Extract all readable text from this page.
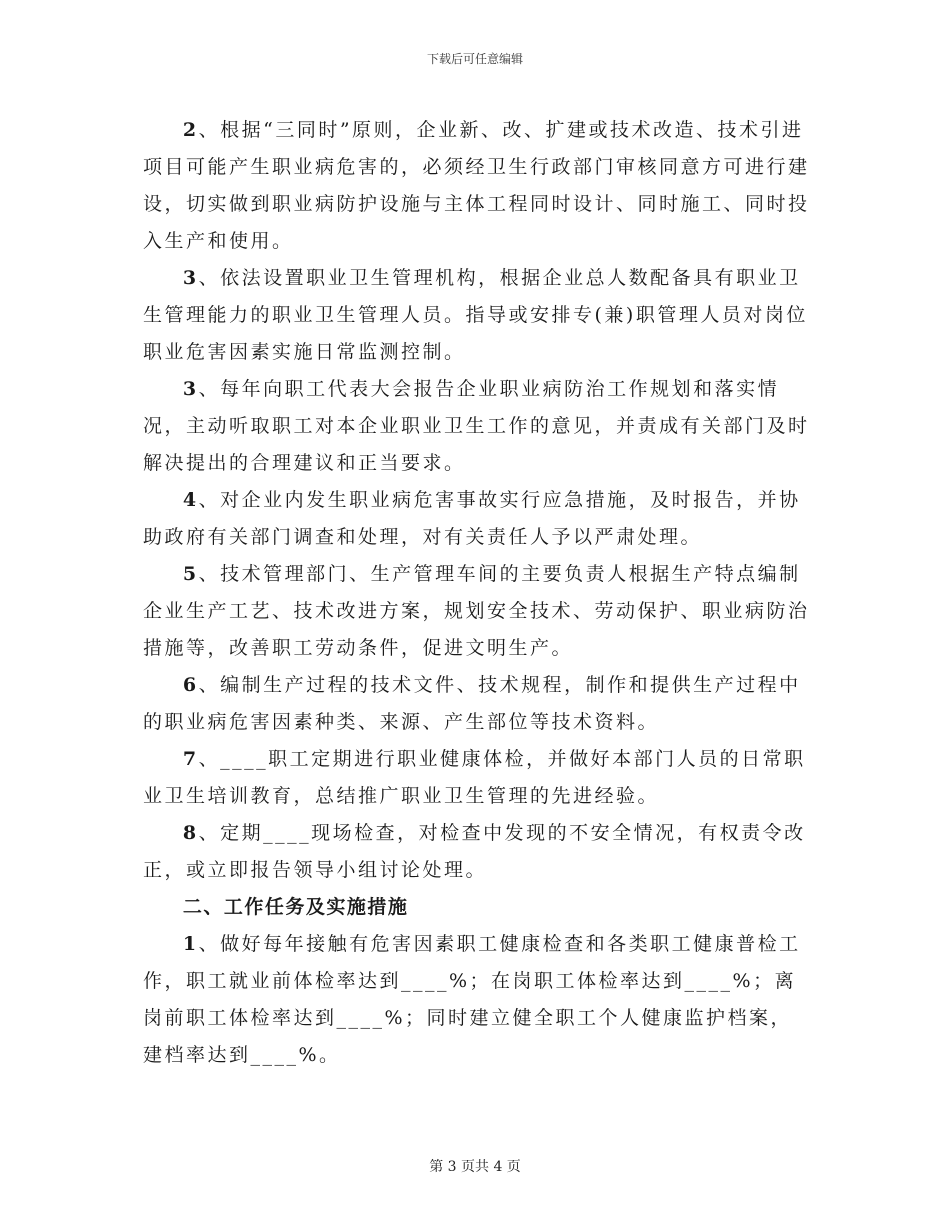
下载后可任意编辑

2、根据“三同时”原则，企业新、改、扩建或技术改造、技术引进项目可能产生职业病危害的，必须经卫生行政部门审核同意方可进行建设，切实做到职业病防护设施与主体工程同时设计、同时施工、同时投入生产和使用。

3、依法设置职业卫生管理机构，根据企业总人数配备具有职业卫生管理能力的职业卫生管理人员。指导或安排专(兼)职管理人员对岗位职业危害因素实施日常监测控制。

3、每年向职工代表大会报告企业职业病防治工作规划和落实情况，主动听取职工对本企业职业卫生工作的意见，并责成有关部门及时解决提出的合理建议和正当要求。

4、对企业内发生职业病危害事故实行应急措施，及时报告，并协助政府有关部门调查和处理，对有关责任人予以严肃处理。

5、技术管理部门、生产管理车间的主要负责人根据生产特点编制企业生产工艺、技术改进方案，规划安全技术、劳动保护、职业病防治措施等，改善职工劳动条件，促进文明生产。

6、编制生产过程的技术文件、技术规程，制作和提供生产过程中的职业病危害因素种类、来源、产生部位等技术资料。

7、____职工定期进行职业健康体检，并做好本部门人员的日常职业卫生培训教育，总结推广职业卫生管理的先进经验。

8、定期____现场检查，对检查中发现的不安全情况，有权责令改正，或立即报告领导小组讨论处理。

二、工作任务及实施措施

1、做好每年接触有危害因素职工健康检查和各类职工健康普检工作，职工就业前体检率达到____%；在岗职工体检率达到____%；离岗前职工体检率达到____%；同时建立健全职工个人健康监护档案，建档率达到____%。

第 3 页共 4 页
